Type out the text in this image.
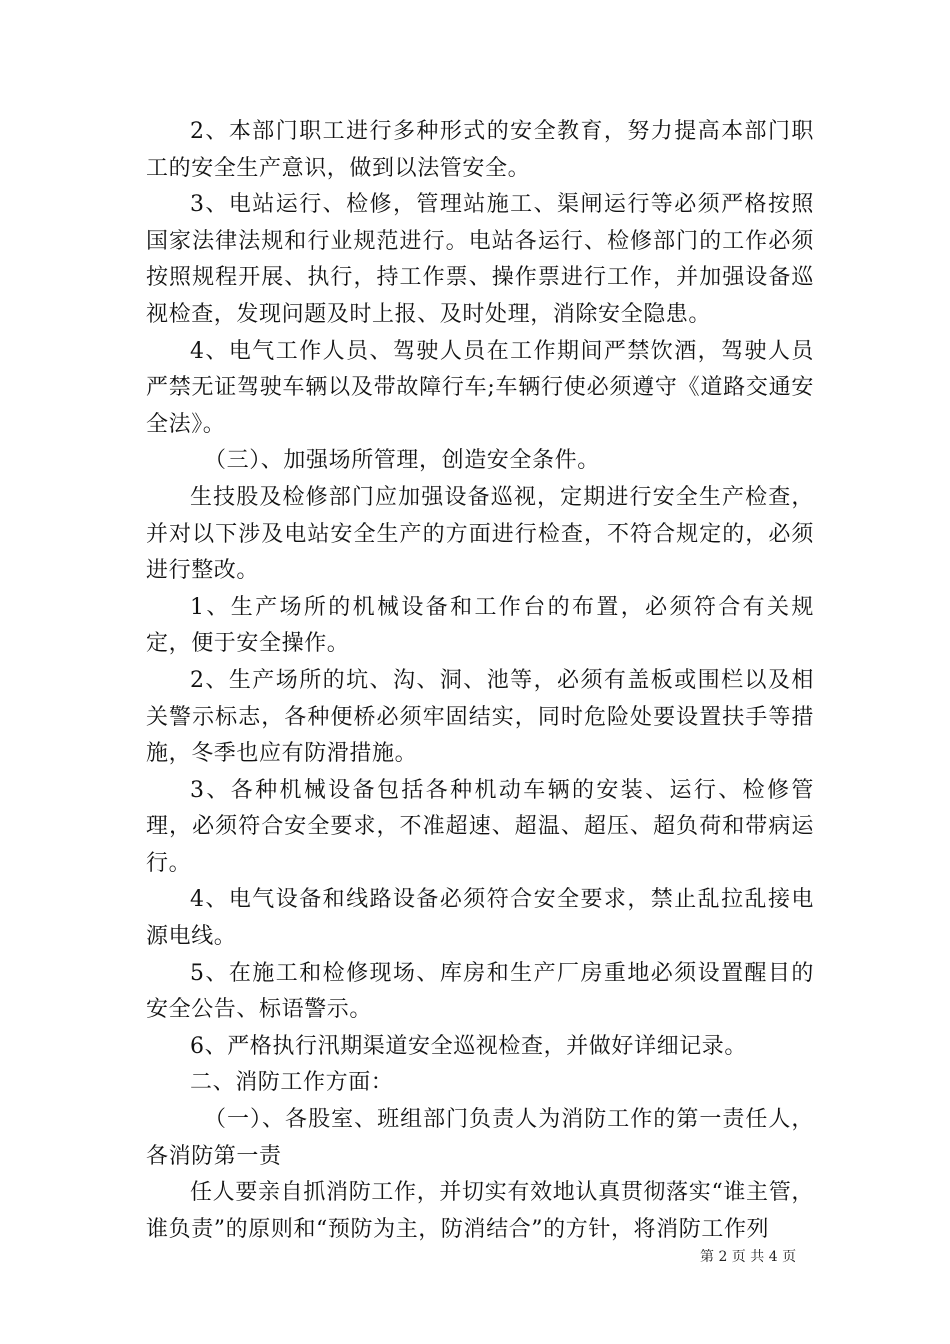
2、本部门职工进行多种形式的安全教育，努力提高本部门职工的安全生产意识，做到以法管安全。

3、电站运行、检修，管理站施工、渠闸运行等必须严格按照国家法律法规和行业规范进行。电站各运行、检修部门的工作必须按照规程开展、执行，持工作票、操作票进行工作，并加强设备巡视检查，发现问题及时上报、及时处理，消除安全隐患。

4、电气工作人员、驾驶人员在工作期间严禁饮酒，驾驶人员严禁无证驾驶车辆以及带故障行车;车辆行使必须遵守《道路交通安全法》。

（三）、加强场所管理，创造安全条件。

生技股及检修部门应加强设备巡视，定期进行安全生产检查，并对以下涉及电站安全生产的方面进行检查，不符合规定的，必须进行整改。

1、生产场所的机械设备和工作台的布置，必须符合有关规定，便于安全操作。

2、生产场所的坑、沟、洞、池等，必须有盖板或围栏以及相关警示标志，各种便桥必须牢固结实，同时危险处要设置扶手等措施，冬季也应有防滑措施。

3、各种机械设备包括各种机动车辆的安装、运行、检修管理，必须符合安全要求，不准超速、超温、超压、超负荷和带病运行。

4、电气设备和线路设备必须符合安全要求，禁止乱拉乱接电源电线。

5、在施工和检修现场、库房和生产厂房重地必须设置醒目的安全公告、标语警示。

6、严格执行汛期渠道安全巡视检查，并做好详细记录。

二、消防工作方面：

（一）、各股室、班组部门负责人为消防工作的第一责任人，各消防第一责

任人要亲自抓消防工作，并切实有效地认真贯彻落实“谁主管，谁负责”的原则和“预防为主，防消结合”的方针，将消防工作列

第 2 页 共 4 页
